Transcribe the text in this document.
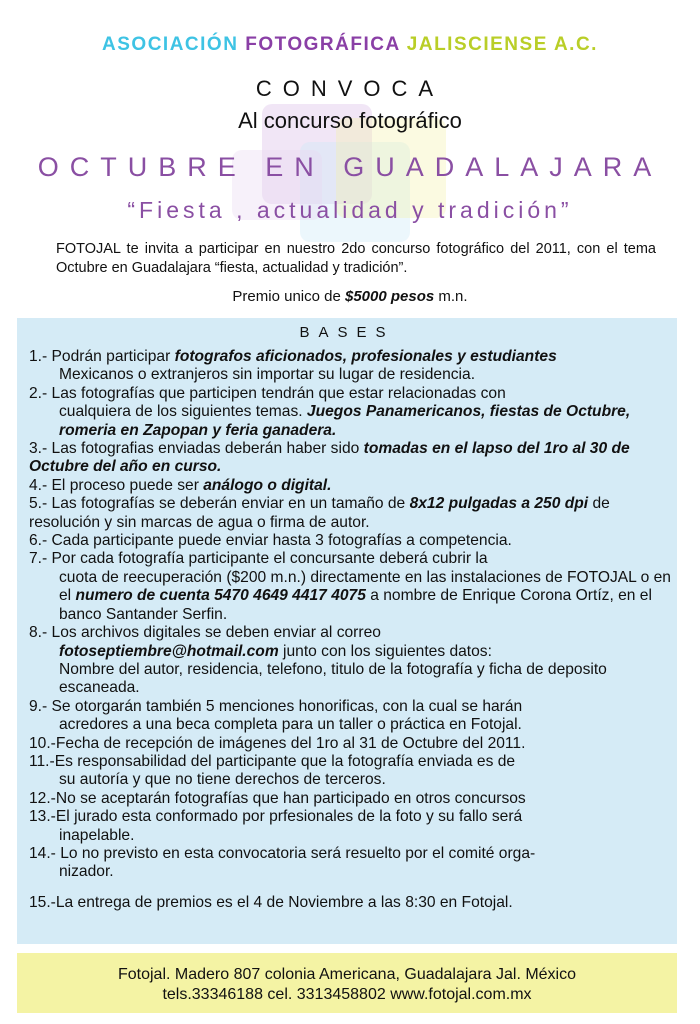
ASOCIACIÓN FOTOGRÁFICA JALISCIENSE A.C.
CONVOCA
Al concurso fotográfico
OCTUBRE EN GUADALAJARA
“Fiesta , actualidad y tradición”
FOTOJAL te invita a participar en nuestro 2do concurso fotográfico del 2011, con el tema Octubre en Guadalajara “fiesta, actualidad y tradición”.
Premio unico de $5000 pesos m.n.
BASES
1.- Podrán participar fotografos aficionados, profesionales y estudiantes
Mexicanos o extranjeros sin importar su lugar de residencia.
2.- Las fotografías que participen tendrán que estar relacionadas con
cualquiera de los siguientes temas. Juegos Panamericanos, fiestas de Octubre, romeria en Zapopan y feria ganadera.
3.- Las fotografias enviadas deberán haber sido tomadas en el lapso del 1ro al 30 de Octubre del año en curso.
4.- El proceso puede ser análogo o digital.
5.- Las fotografías se deberán enviar en un tamaño de 8x12 pulgadas a 250 dpi de resolución y sin marcas de agua o firma de autor.
6.- Cada participante puede enviar hasta 3 fotografías a competencia.
7.- Por cada fotografía participante el concursante deberá cubrir la
cuota de reecuperación ($200 m.n.) directamente en las instalaciones de FOTOJAL o en el numero de cuenta 5470 4649 4417 4075 a nombre de Enrique Corona Ortíz, en el banco Santander Serfin.
8.- Los archivos digitales se deben enviar al correo
fotoseptiembre@hotmail.com junto con los siguientes datos:
Nombre del autor, residencia, telefono, titulo de la fotografía y ficha de deposito escaneada.
9.- Se otorgarán también 5 menciones honorificas, con la cual se harán
acredores a una beca completa para un taller o práctica en Fotojal.
10.-Fecha de recepción de imágenes del 1ro al 31 de Octubre del 2011.
11.-Es responsabilidad del participante que la fotografía enviada es de
su autoría y que no tiene derechos de terceros.
12.-No se aceptarán fotografías que han participado en otros concursos
13.-El jurado esta conformado por prfesionales de la foto y su fallo será
inapelable.
14.- Lo no previsto en esta convocatoria será resuelto por el comité orga-
nizador.
15.-La entrega de premios es el 4 de Noviembre a las 8:30 en Fotojal.
Fotojal. Madero 807 colonia Americana, Guadalajara Jal. México
tels.33346188 cel. 3313458802 www.fotojal.com.mx
